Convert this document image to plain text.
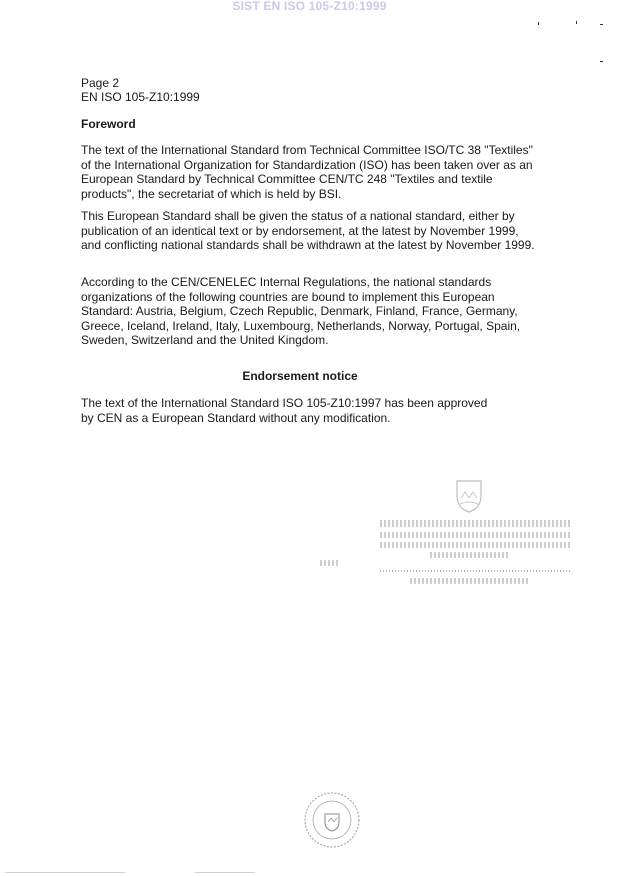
SIST EN ISO 105-Z10:1999
Page 2
EN ISO 105-Z10:1999
Foreword
The text of the International Standard from Technical Committee ISO/TC 38 "Textiles" of the International Organization for Standardization (ISO) has been taken over as an European Standard by Technical Committee CEN/TC 248 "Textiles and textile products", the secretariat of which is held by BSI.
This European Standard shall be given the status of a national standard, either by publication of an identical text or by endorsement, at the latest by November 1999, and conflicting national standards shall be withdrawn at the latest by November 1999.
According to the CEN/CENELEC Internal Regulations, the national standards organizations of the following countries are bound to implement this European Standard: Austria, Belgium, Czech Republic, Denmark, Finland, France, Germany, Greece, Iceland, Ireland, Italy, Luxembourg, Netherlands, Norway, Portugal, Spain, Sweden, Switzerland and the United Kingdom.
Endorsement notice
The text of the International Standard ISO 105-Z10:1997 has been approved by CEN as a European Standard without any modification.
